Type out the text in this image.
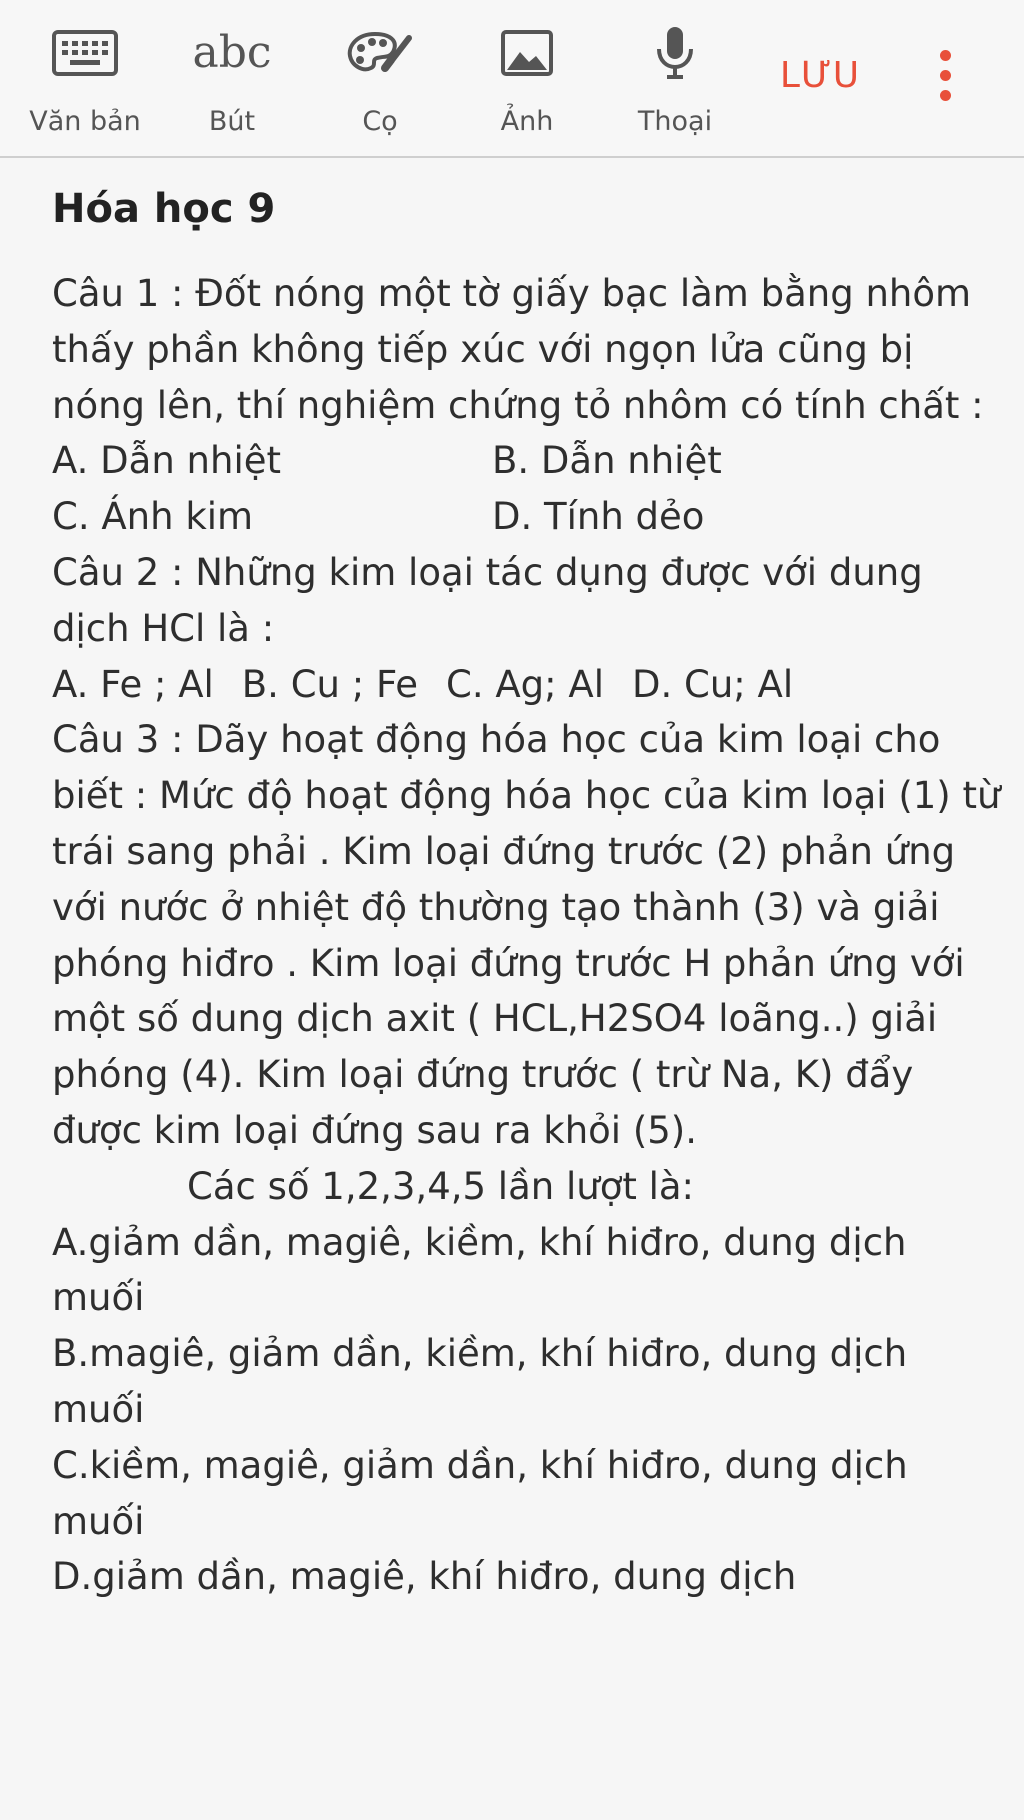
Văn bản
abc
Bút	Cọ	Ảnh	Thoại
LƯU
Hóa học 9
Câu 1 : Đốt nóng một tờ giấy bạc làm bằng nhôm thấy phần không tiếp xúc với ngọn lửa cũng bị nóng lên, thí nghiệm chứng tỏ nhôm có tính chất :
A. Dẫn nhiệt	B. Dẫn nhiệt
C. Ánh kim	D. Tính dẻo
Câu 2 : Những kim loại tác dụng được với dung dịch HCl là :
A. Fe ; Al B. Cu ; Fe C. Ag; Al D. Cu; Al
Câu 3 : Dãy hoạt động hóa học của kim loại cho biết : Mức độ hoạt động hóa học của kim loại (1) từ trái sang phải . Kim loại đứng trước (2) phản ứng với nước ở nhiệt độ thường tạo thành (3) và giải phóng hiđro . Kim loại đứng trước H phản ứng với một số dung dịch axit ( HCL,H2SO4 loãng..) giải phóng (4). Kim loại đứng trước ( trừ Na, K) đẩy được kim loại đứng sau ra khỏi (5).
Các số 1,2,3,4,5 lần lượt là:
A.giảm dần, magiê, kiềm, khí hiđro, dung dịch muối
B.magiê, giảm dần, kiềm, khí hiđro, dung dịch muối
C.kiềm, magiê, giảm dần, khí hiđro, dung dịch muối
D.giảm dần, magiê, khí hiđro, dung dịch
